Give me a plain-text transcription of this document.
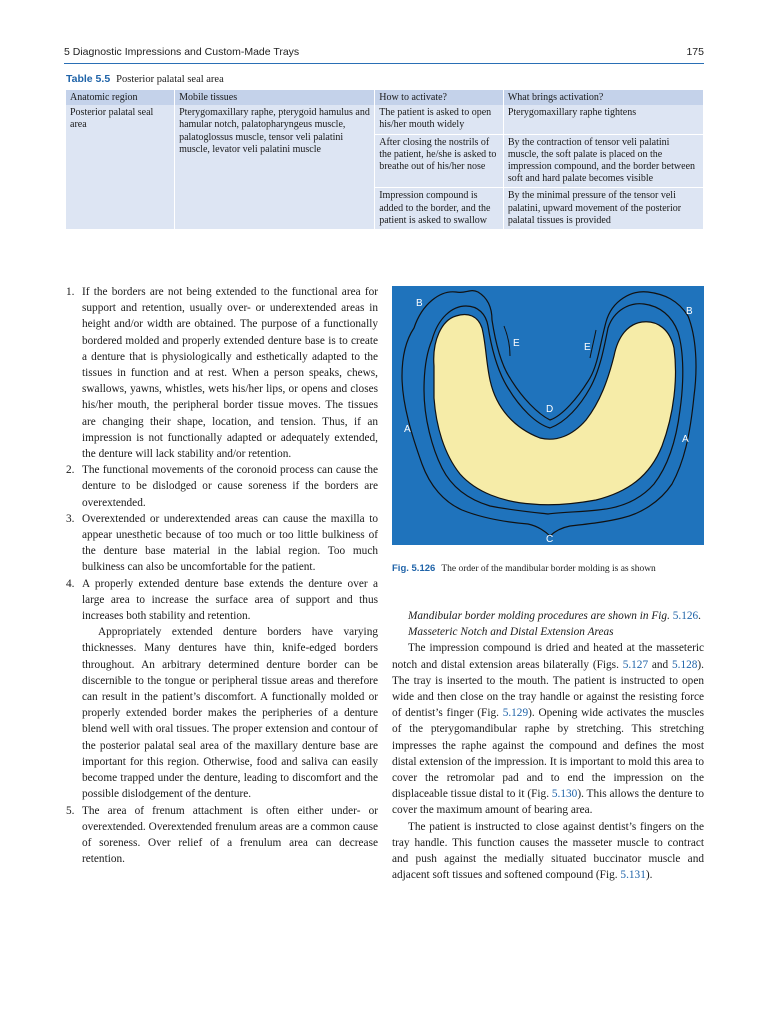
5 Diagnostic Impressions and Custom-Made Trays	175
Table 5.5 Posterior palatal seal area
Anatomic region	Mobile tissues	How to activate?	What brings activation?
Posterior palatal seal area	Pterygomaxillary raphe, pterygoid hamulus and hamular notch, palatopharyngeus muscle, palatoglossus muscle, tensor veli palatini muscle, levator veli palatini muscle	The patient is asked to open his/her mouth widely	Pterygomaxillary raphe tightens
		After closing the nostrils of the patient, he/she is asked to breathe out of his/her nose	By the contraction of tensor veli palatini muscle, the soft palate is placed on the impression compound, and the border between soft and hard palate becomes visible
		Impression compound is added to the border, and the patient is asked to swallow	By the minimal pressure of the tensor veli palatini, upward movement of the posterior palatal tissues is provided
1. If the borders are not being extended to the functional area for support and retention, usually over- or underextended areas in height and/or width are obtained. The purpose of a functionally bordered molded and properly extended denture base is to create a denture that is physiologically and esthetically adapted to the tissues in function and at rest. When a person speaks, chews, swallows, yawns, whistles, wets his/her lips, or opens and closes his/her mouth, the peripheral border tissue moves. The tissues are changing their shape, location, and tension. Thus, if an impression is not functionally adapted or adequately extended, the denture will lack stability and/or retention.
2. The functional movements of the coronoid process can cause the denture to be dislodged or cause soreness if the borders are overextended.
3. Overextended or underextended areas can cause the maxilla to appear unesthetic because of too much or too little bulkiness of the denture base material in the labial region. Too much bulkiness can also be uncomfortable for the patient.
4. A properly extended denture base extends the denture over a large area to increase the surface area of support and thus increases both stability and retention.

Appropriately extended denture borders have varying thicknesses. Many dentures have thin, knife-edged borders throughout. An arbitrary determined denture border can be discernible to the tongue or peripheral tissue areas and therefore can result in the patient’s discomfort. A functionally molded or properly extended border makes the peripheries of a denture blend well with oral tissues. The proper extension and contour of the posterior palatal seal area of the maxillary denture base are important for this region. Otherwise, food and saliva can easily become trapped under the denture, leading to discomfort and the possible dislodgement of the denture.

5. The area of frenum attachment is often either under- or overextended. Overextended frenulum areas are a common cause of soreness. Over relief of a frenulum area can decrease retention.
B
B
E	E
D
A
A
C
Fig. 5.126 The order of the mandibular border molding is as shown

Mandibular border molding procedures are shown in Fig. 5.126.

Masseteric Notch and Distal Extension Areas

The impression compound is dried and heated at the masseteric notch and distal extension areas bilaterally (Figs. 5.127 and 5.128). The tray is inserted to the mouth. The patient is instructed to open wide and then close on the tray handle or against the resisting force of dentist’s finger (Fig. 5.129). Opening wide activates the muscles of the pterygomandibular raphe by stretching. This stretching impresses the raphe against the compound and defines the most distal extension of the impression. It is important to mold this area to cover the retromolar pad and to end the impression on the displaceable tissue distal to it (Fig. 5.130). This allows the denture to cover the maximum amount of bearing area.

The patient is instructed to close against dentist’s fingers on the tray handle. This function causes the masseter muscle to contract and push against the medially situated buccinator muscle and adjacent soft tissues and softened compound (Fig. 5.131).
